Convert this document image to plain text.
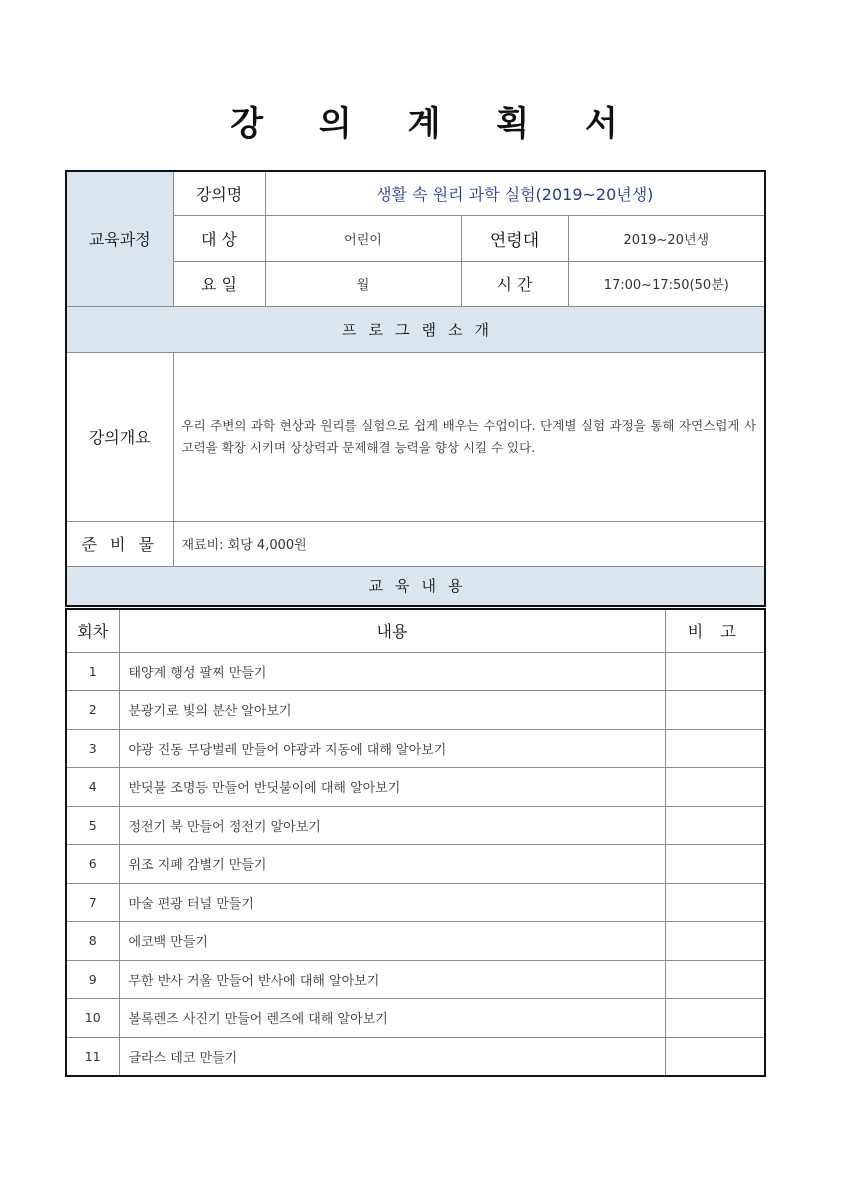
강 의 계 획 서
교육과정	강의명	생활 속 원리 과학 실험(2019~20년생)		
	대 상	어린이	연령대	2019~20년생
	요 일	월	시 간	17:00~17:50(50분)
프로그램소개				
강의개요	우리 주변의 과학 현상과 원리를 실험으로 쉽게 배우는 수업이다. 단계별 실험 과정을 통해 자연스럽게 사고력을 확장 시키며 상상력과 문제해결 능력을 향상 시킬 수 있다.			
준 비 물	재료비: 회당 4,000원			
교육내용				
회차	내용	비 고
1	태양계 행성 팔찌 만들기	
2	분광기로 빛의 분산 알아보기	
3	야광 진동 무당벌레 만들어 야광과 지동에 대해 알아보기	
4	반딧불 조명등 만들어 반딧불이에 대해 알아보기	
5	정전기 북 만들어 정전기 알아보기	
6	위조 지폐 감별기 만들기	
7	마술 편광 터널 만들기	
8	에코백 만들기	
9	무한 반사 거울 만들어 반사에 대해 알아보기	
10	볼록렌즈 사진기 만들어 렌즈에 대해 알아보기	
11	글라스 데코 만들기	
